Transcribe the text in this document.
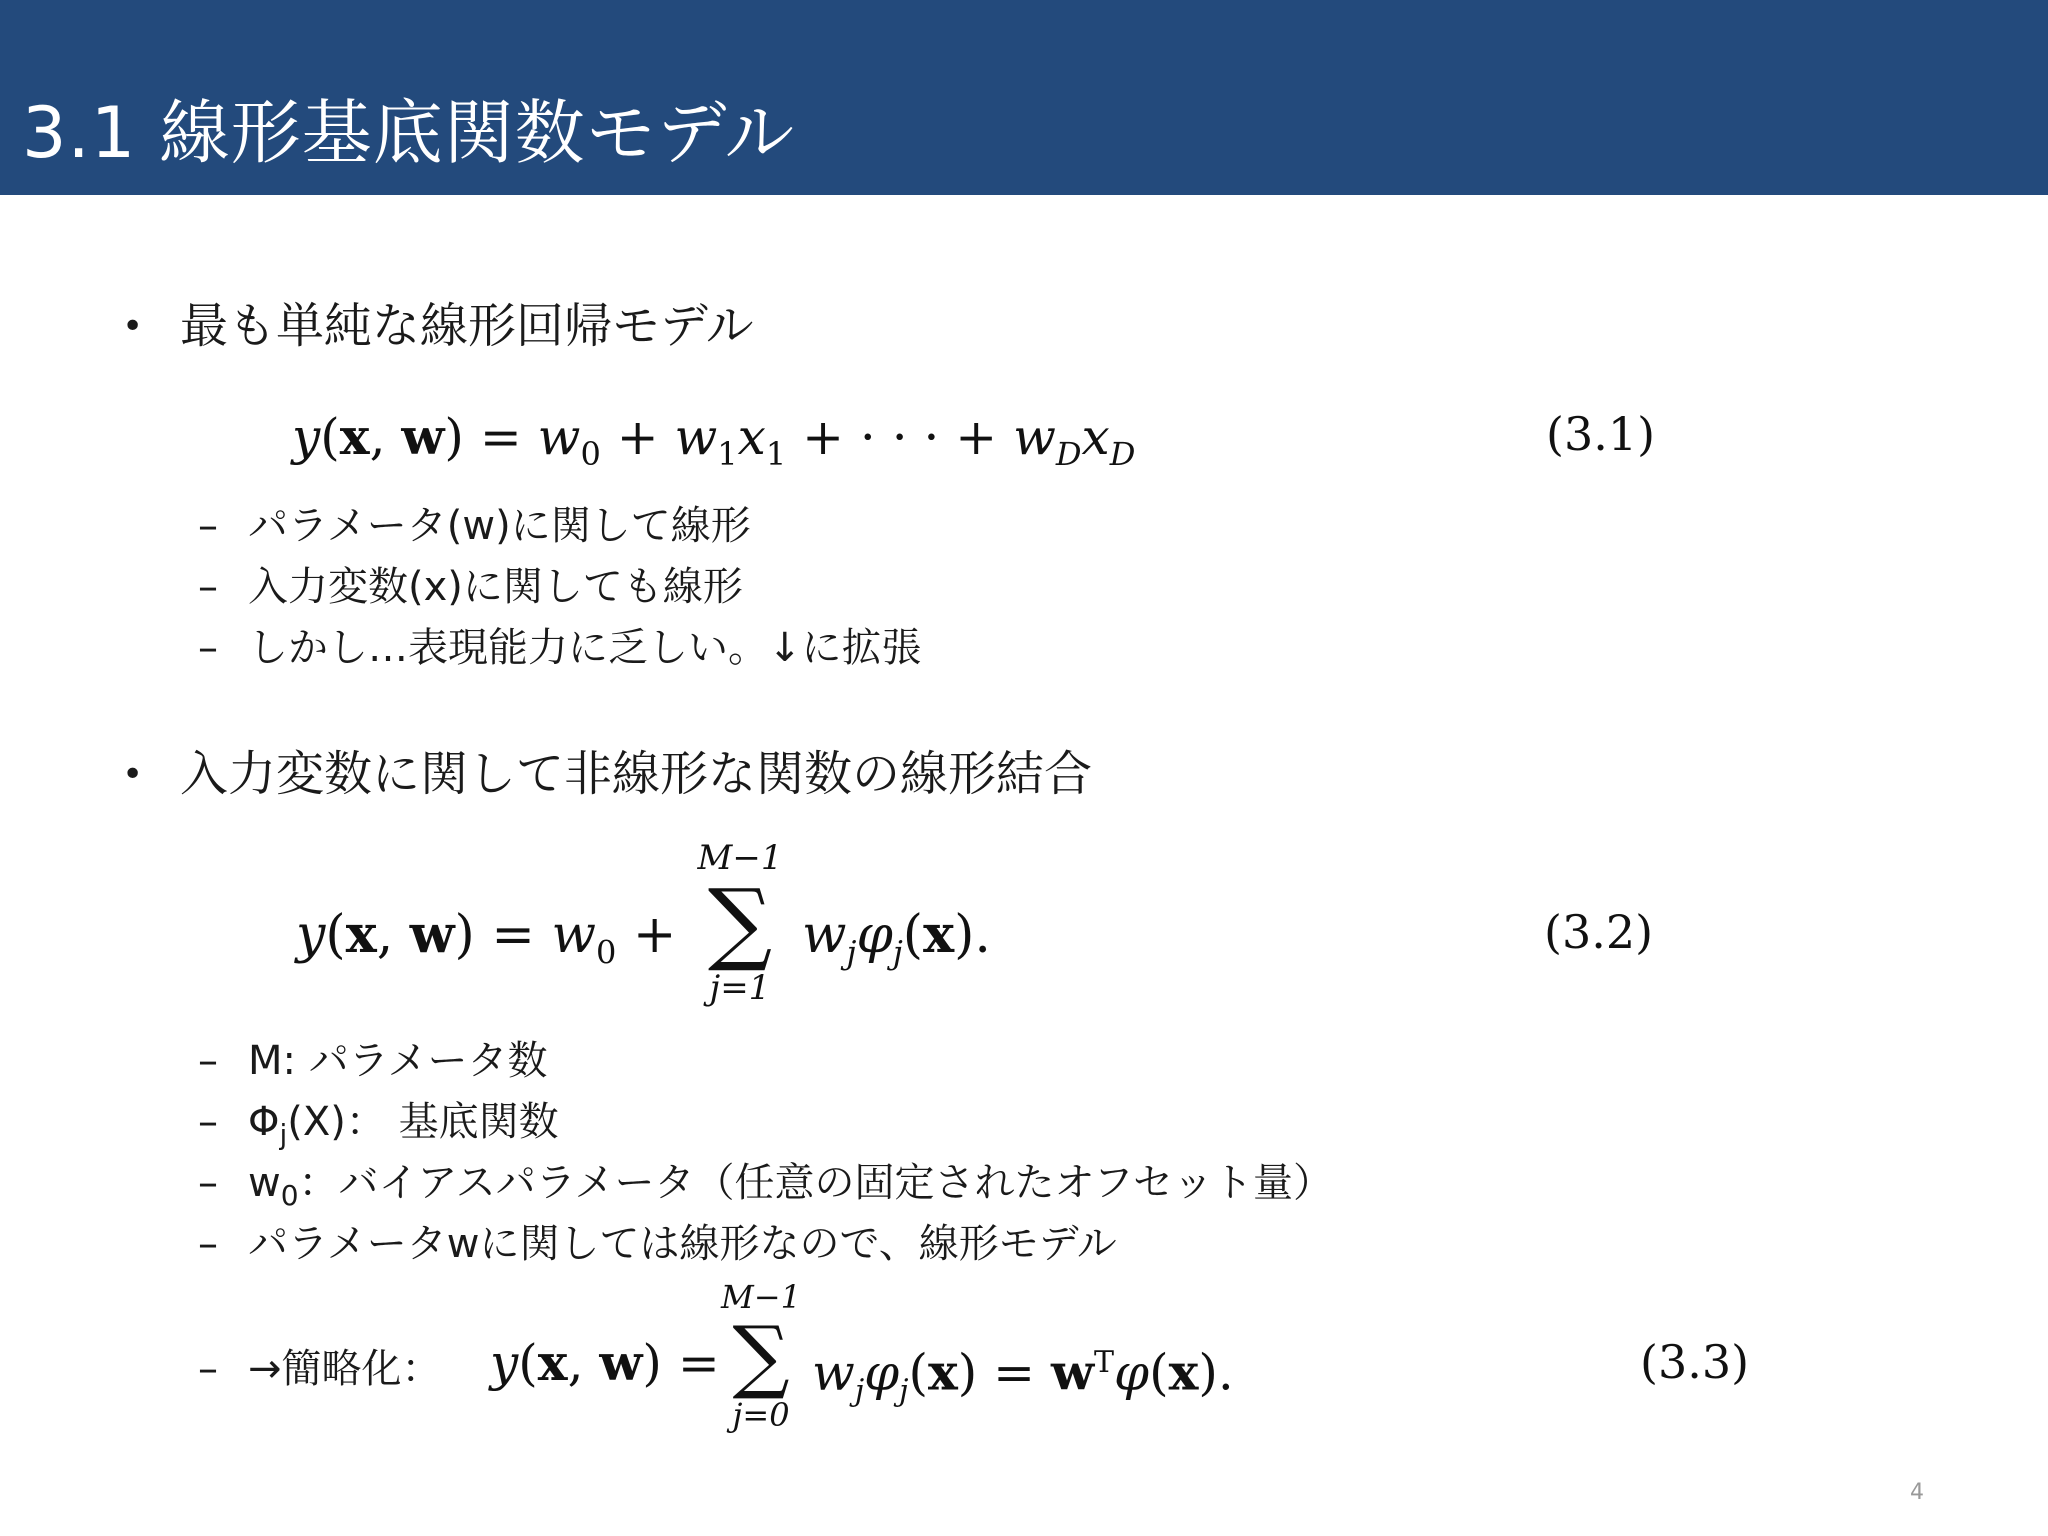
3.1 線形基底関数モデル
• 最も単純な線形回帰モデル
y(x, $w) = w_0 + w_1x_1$ + · · · + $w_Dx_D$	(3.1)
– パラメータ(w)に関して線形
– 入力変数(x)に関しても線形
– しかし…表現能力に乏しい。↓に拡張
• 入力変数に関して非線形な関数の線形結合
y(x, $w) = w_0$ +
M−1
∑
j=1
$w_j\varphi_j(x)$.	(3.2)
– M: パラメータ数
– $\Phi_j(X)$： 基底関数
– $w_0$：バイアスパラメータ（任意の固定されたオフセット量）
– パラメータwに関しては線形なので、線形モデル
– →簡略化： y(x, w) =
M−1
∑
j=0
$w_j\varphi_j(x) = w^T\varphi(x)$.	(3.3)
4
